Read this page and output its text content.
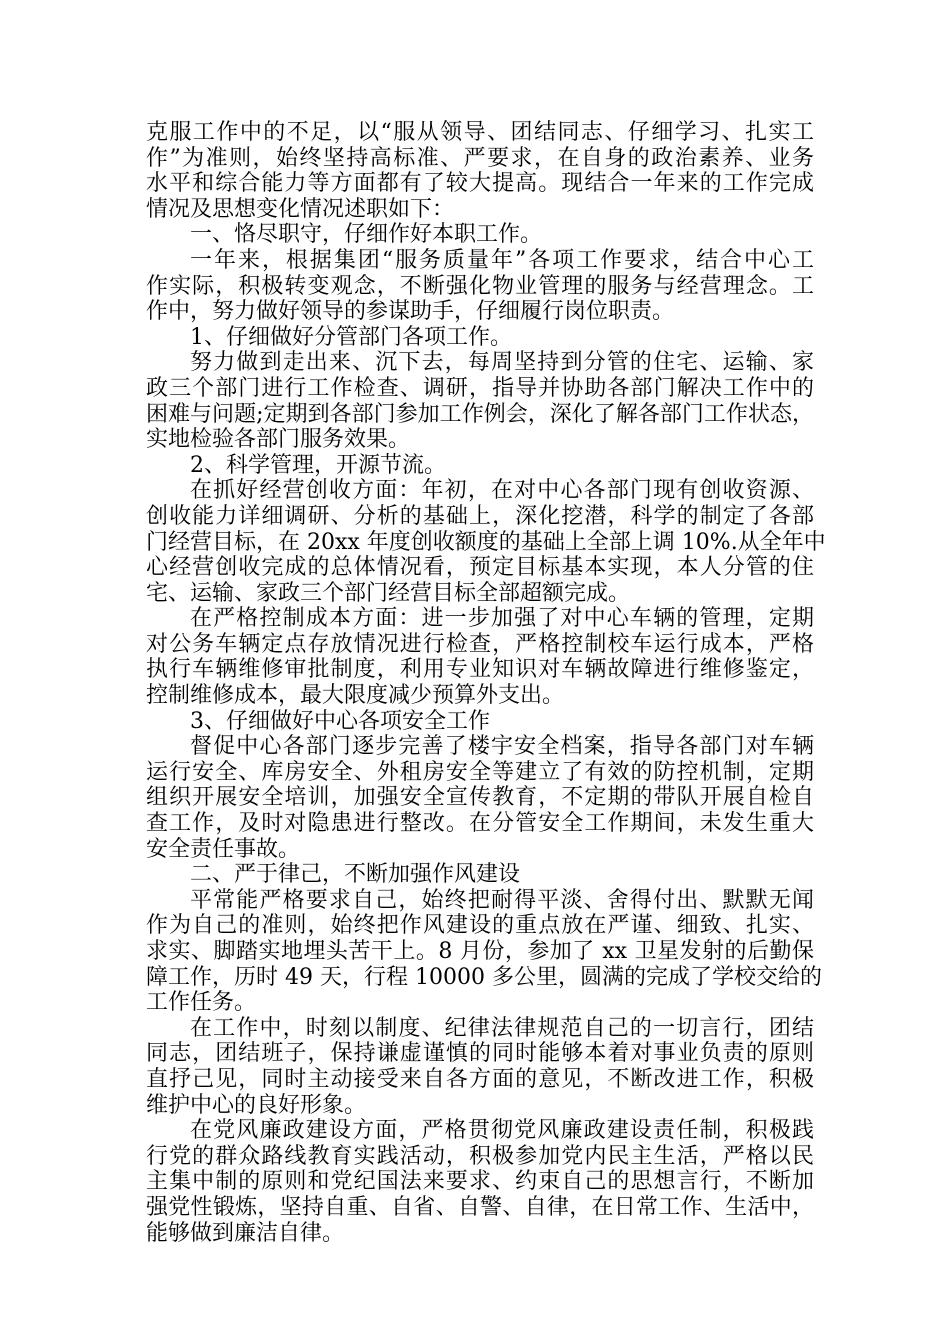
克服工作中的不足，以“服从领导、团结同志、仔细学习、扎实工
作”为准则，始终坚持高标准、严要求，在自身的政治素养、业务
水平和综合能力等方面都有了较大提高。现结合一年来的工作完成
情况及思想变化情况述职如下：
一、恪尽职守，仔细作好本职工作。
一年来，根据集团“服务质量年”各项工作要求，结合中心工
作实际，积极转变观念，不断强化物业管理的服务与经营理念。工
作中，努力做好领导的参谋助手，仔细履行岗位职责。
1、仔细做好分管部门各项工作。
努力做到走出来、沉下去，每周坚持到分管的住宅、运输、家
政三个部门进行工作检查、调研，指导并协助各部门解决工作中的
困难与问题;定期到各部门参加工作例会，深化了解各部门工作状态，
实地检验各部门服务效果。
2、科学管理，开源节流。
在抓好经营创收方面：年初，在对中心各部门现有创收资源、
创收能力详细调研、分析的基础上，深化挖潜，科学的制定了各部
门经营目标，在 20xx 年度创收额度的基础上全部上调 10%.从全年中
心经营创收完成的总体情况看，预定目标基本实现，本人分管的住
宅、运输、家政三个部门经营目标全部超额完成。
在严格控制成本方面：进一步加强了对中心车辆的管理，定期
对公务车辆定点存放情况进行检查，严格控制校车运行成本，严格
执行车辆维修审批制度，利用专业知识对车辆故障进行维修鉴定，
控制维修成本，最大限度减少预算外支出。
3、仔细做好中心各项安全工作
督促中心各部门逐步完善了楼宇安全档案，指导各部门对车辆
运行安全、库房安全、外租房安全等建立了有效的防控机制，定期
组织开展安全培训，加强安全宣传教育，不定期的带队开展自检自
查工作，及时对隐患进行整改。在分管安全工作期间，未发生重大
安全责任事故。
二、严于律己，不断加强作风建设
平常能严格要求自己，始终把耐得平淡、舍得付出、默默无闻
作为自己的准则，始终把作风建设的重点放在严谨、细致、扎实、
求实、脚踏实地埋头苦干上。8 月份，参加了 xx 卫星发射的后勤保
障工作，历时 49 天，行程 10000 多公里，圆满的完成了学校交给的
工作任务。
在工作中，时刻以制度、纪律法律规范自己的一切言行，团结
同志，团结班子，保持谦虚谨慎的同时能够本着对事业负责的原则
直抒己见，同时主动接受来自各方面的意见，不断改进工作，积极
维护中心的良好形象。
在党风廉政建设方面，严格贯彻党风廉政建设责任制，积极践
行党的群众路线教育实践活动，积极参加党内民主生活，严格以民
主集中制的原则和党纪国法来要求、约束自己的思想言行，不断加
强党性锻炼，坚持自重、自省、自警、自律，在日常工作、生活中，
能够做到廉洁自律。
